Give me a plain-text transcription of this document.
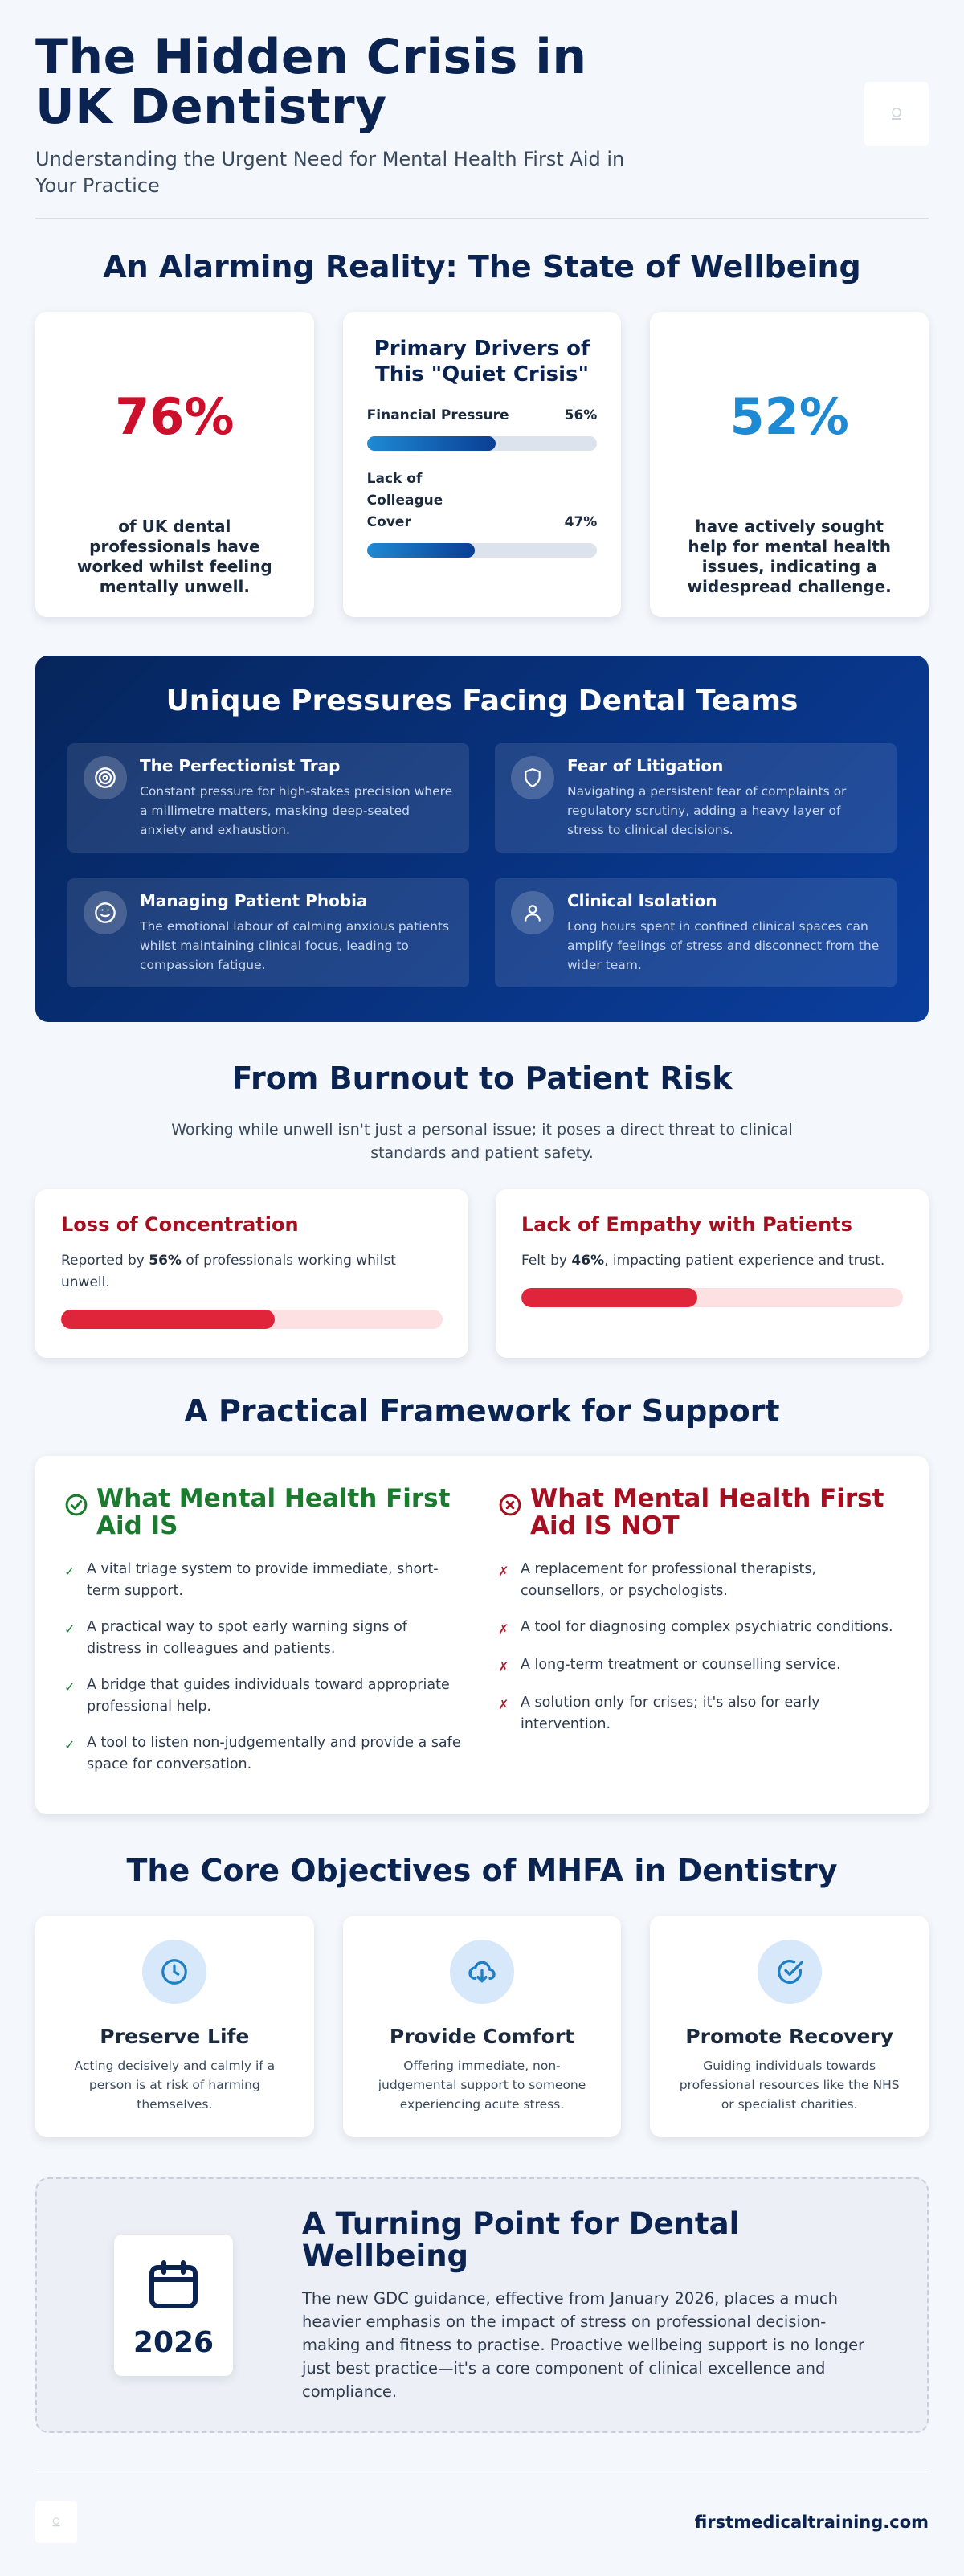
The Hidden Crisis in
UK Dentistry

Understanding the Urgent Need for Mental Health First Aid in Your Practice

An Alarming Reality: The State of Wellbeing
76%

of UK dental professionals have worked whilst feeling mentally unwell.

Primary Drivers of This "Quiet Crisis"
Financial Pressure	56%
Lack of Colleague Cover	47%
52%

have actively sought help for mental health issues, indicating a widespread challenge.

Unique Pressures Facing Dental Teams
The Perfectionist Trap

Constant pressure for high-stakes precision where a millimetre matters, masking deep-seated anxiety and exhaustion.

Fear of Litigation

Navigating a persistent fear of complaints or regulatory scrutiny, adding a heavy layer of stress to clinical decisions.

Managing Patient Phobia

The emotional labour of calming anxious patients whilst maintaining clinical focus, leading to compassion fatigue.

Clinical Isolation

Long hours spent in confined clinical spaces can amplify feelings of stress and disconnect from the wider team.

From Burnout to Patient Risk

Working while unwell isn't just a personal issue; it poses a direct threat to clinical standards and patient safety.

Loss of Concentration

Reported by 56% of professionals working whilst unwell.

Lack of Empathy with Patients

Felt by 46%, impacting patient experience and trust.

A Practical Framework for Support
What Mental Health First Aid IS
✓ A vital triage system to provide immediate, short-term support.
✓ A practical way to spot early warning signs of distress in colleagues and patients.
✓ A bridge that guides individuals toward appropriate professional help.
✓ A tool to listen non-judgementally and provide a safe space for conversation.
What Mental Health First Aid IS NOT
✗ A replacement for professional therapists, counsellors, or psychologists.
✗ A tool for diagnosing complex psychiatric conditions.
✗ A long-term treatment or counselling service.
✗ A solution only for crises; it's also for early intervention.
The Core Objectives of MHFA in Dentistry
Preserve Life

Acting decisively and calmly if a person is at risk of harming themselves.

Provide Comfort

Offering immediate, non-judgemental support to someone experiencing acute stress.

Promote Recovery

Guiding individuals towards professional resources like the NHS or specialist charities.

2026
A Turning Point for Dental Wellbeing

The new GDC guidance, effective from January 2026, places a much heavier emphasis on the impact of stress on professional decision-making and fitness to practise. Proactive wellbeing support is no longer just best practice—it's a core component of clinical excellence and compliance.

firstmedicaltraining.com
